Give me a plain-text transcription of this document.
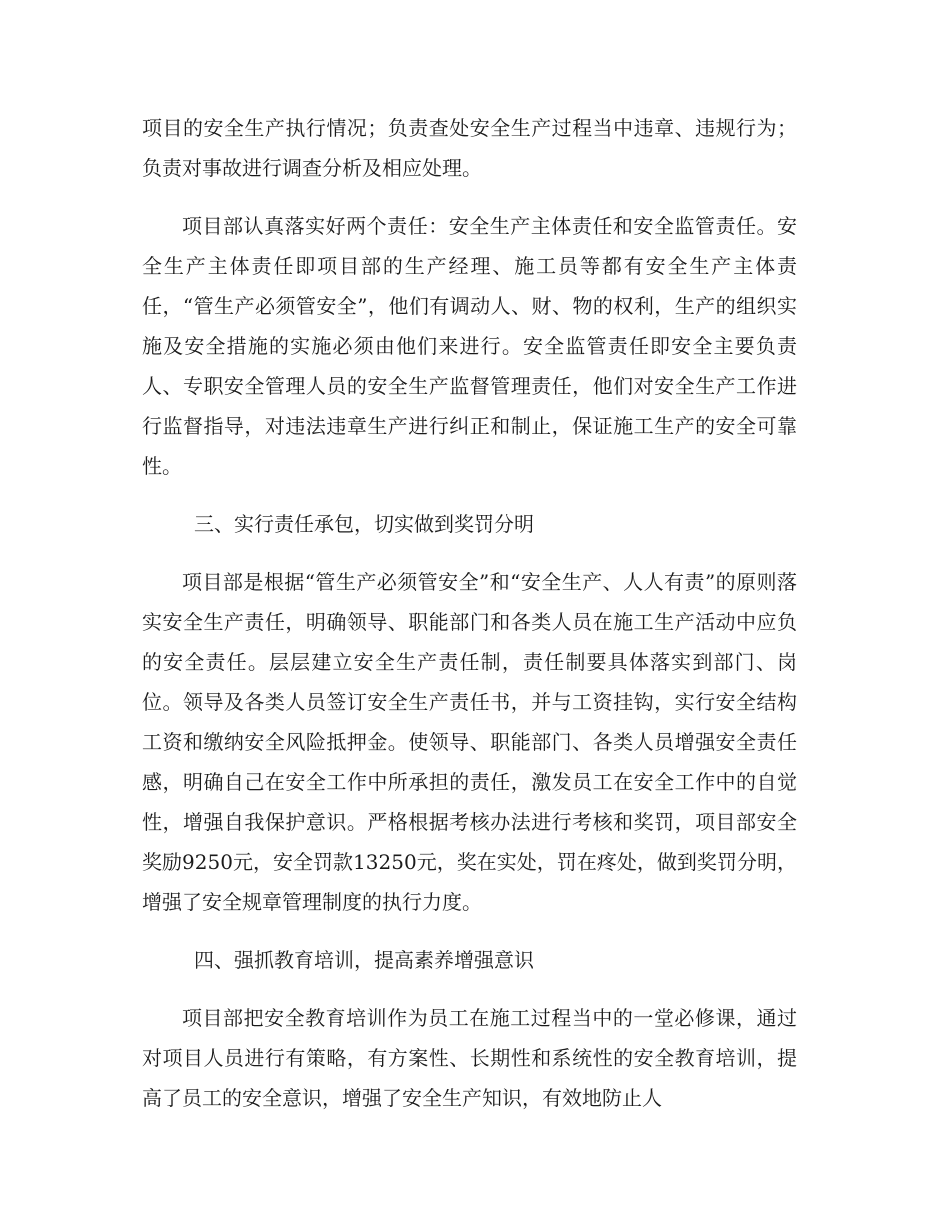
项目的安全生产执行情况；负责查处安全生产过程当中违章、违规行为；负责对事故进行调查分析及相应处理。

项目部认真落实好两个责任：安全生产主体责任和安全监管责任。安全生产主体责任即项目部的生产经理、施工员等都有安全生产主体责任，“管生产必须管安全”，他们有调动人、财、物的权利，生产的组织实施及安全措施的实施必须由他们来进行。安全监管责任即安全主要负责人、专职安全管理人员的安全生产监督管理责任，他们对安全生产工作进行监督指导，对违法违章生产进行纠正和制止，保证施工生产的安全可靠性。

三、实行责任承包，切实做到奖罚分明

项目部是根据“管生产必须管安全”和“安全生产、人人有责”的原则落实安全生产责任，明确领导、职能部门和各类人员在施工生产活动中应负的安全责任。层层建立安全生产责任制，责任制要具体落实到部门、岗位。领导及各类人员签订安全生产责任书，并与工资挂钩，实行安全结构工资和缴纳安全风险抵押金。使领导、职能部门、各类人员增强安全责任感，明确自己在安全工作中所承担的责任，激发员工在安全工作中的自觉性，增强自我保护意识。严格根据考核办法进行考核和奖罚，项目部安全奖励9250元，安全罚款13250元，奖在实处，罚在疼处，做到奖罚分明，增强了安全规章管理制度的执行力度。

四、强抓教育培训，提高素养增强意识

项目部把安全教育培训作为员工在施工过程当中的一堂必修课，通过对项目人员进行有策略，有方案性、长期性和系统性的安全教育培训，提高了员工的安全意识，增强了安全生产知识，有效地防止人
